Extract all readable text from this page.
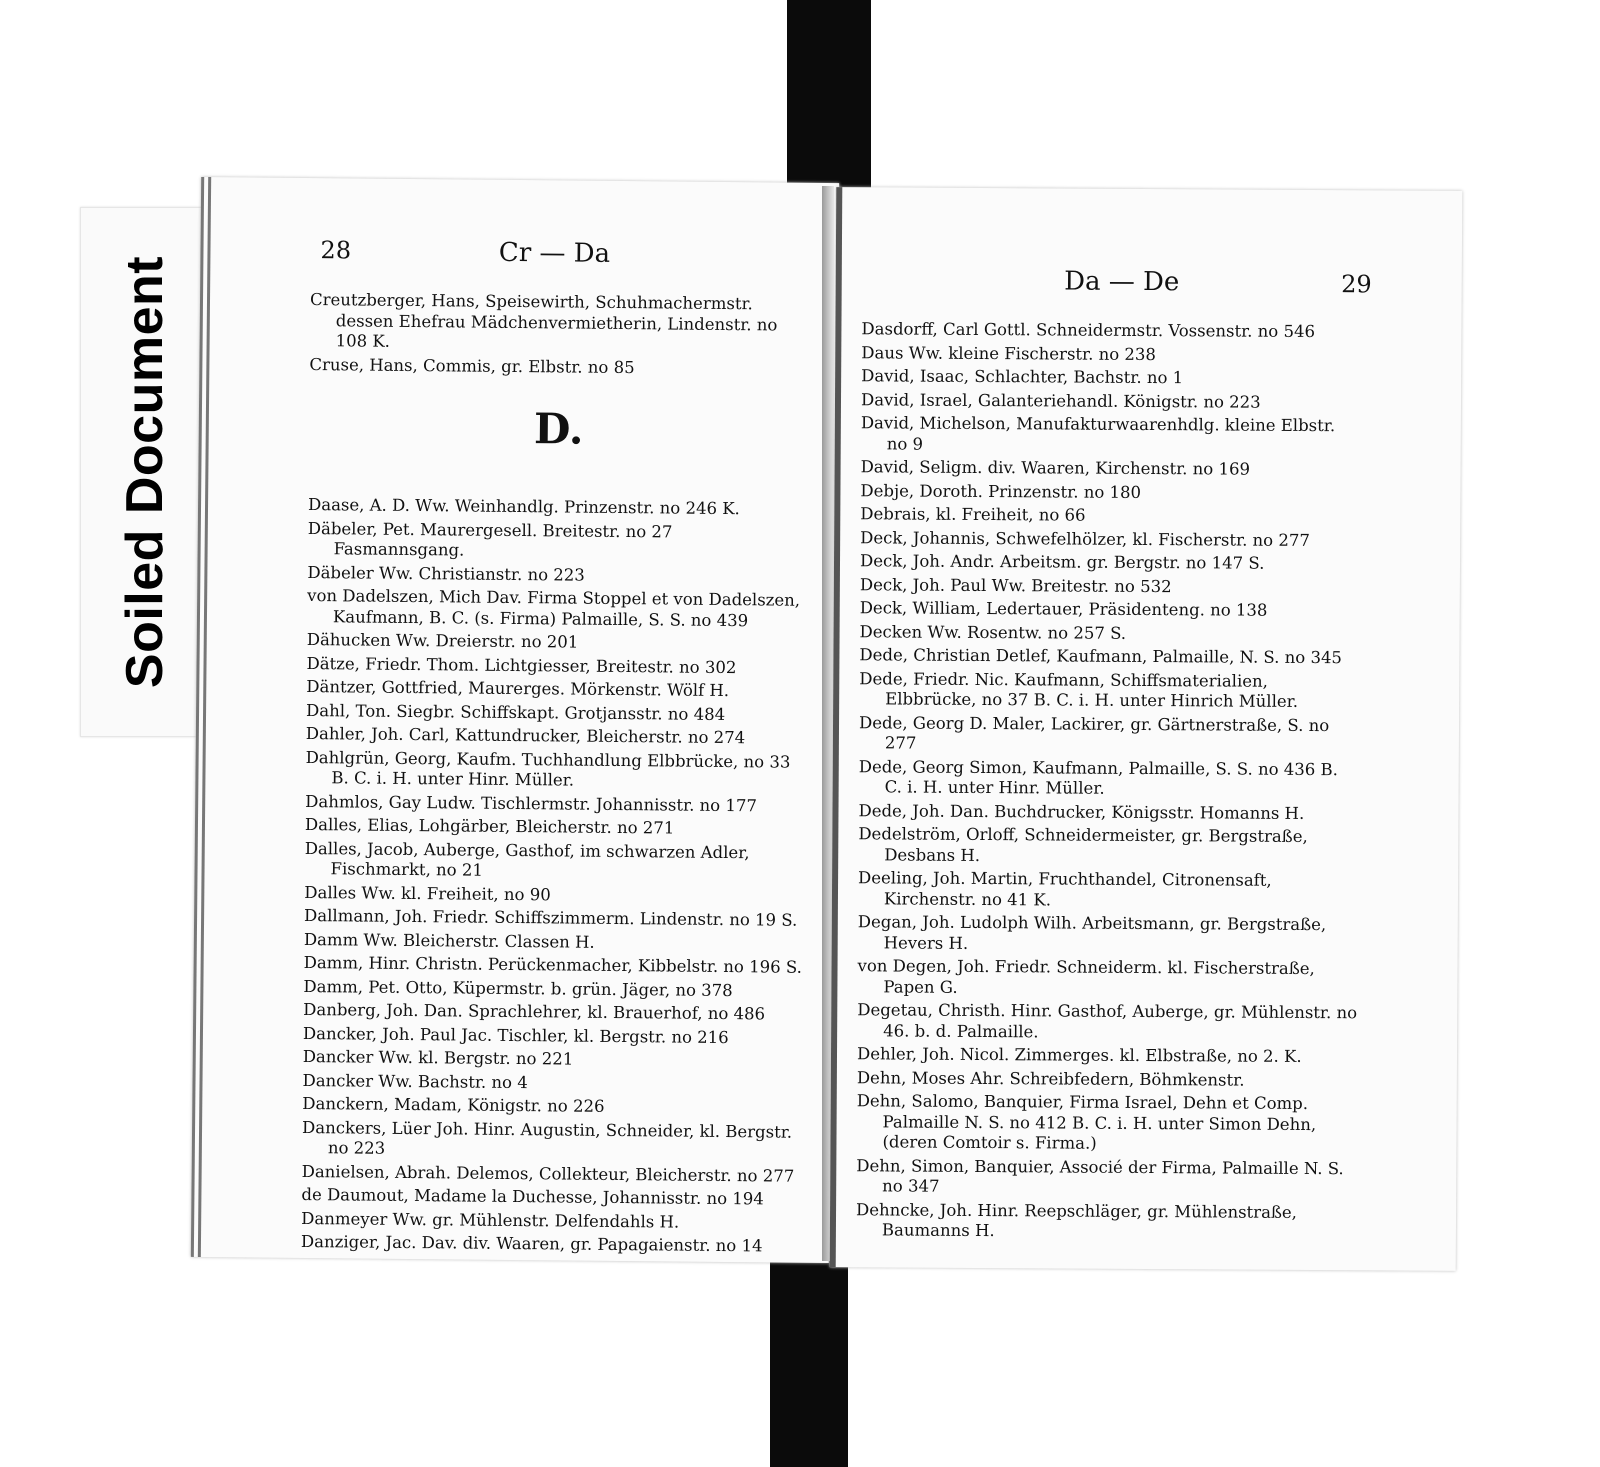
Soiled Document
28	Cr — Da
Creutzberger, Hans, Speisewirth, Schuhmachermstr. dessen Ehefrau Mädchenvermietherin, Lindenstr. no 108 K.
Cruse, Hans, Commis, gr. Elbstr. no 85
D.
Daase, A. D. Ww. Weinhandlg. Prinzenstr. no 246 K.
Däbeler, Pet. Maurergesell. Breitestr. no 27 Fasmannsgang.
Däbeler Ww. Christianstr. no 223
von Dadelszen, Mich Dav. Firma Stoppel et von Dadelszen, Kaufmann, B. C. (s. Firma) Palmaille, S. S. no 439
Dähucken Ww. Dreierstr. no 201
Dätze, Friedr. Thom. Lichtgiesser, Breitestr. no 302
Däntzer, Gottfried, Maurerges. Mörkenstr. Wölf H.
Dahl, Ton. Siegbr. Schiffskapt. Grotjansstr. no 484
Dahler, Joh. Carl, Kattundrucker, Bleicherstr. no 274
Dahlgrün, Georg, Kaufm. Tuchhandlung Elbbrücke, no 33 B. C. i. H. unter Hinr. Müller.
Dahmlos, Gay Ludw. Tischlermstr. Johannisstr. no 177
Dalles, Elias, Lohgärber, Bleicherstr. no 271
Dalles, Jacob, Auberge, Gasthof, im schwarzen Adler, Fischmarkt, no 21
Dalles Ww. kl. Freiheit, no 90
Dallmann, Joh. Friedr. Schiffszimmerm. Lindenstr. no 19 S.
Damm Ww. Bleicherstr. Classen H.
Damm, Hinr. Christn. Perückenmacher, Kibbelstr. no 196 S.
Damm, Pet. Otto, Küpermstr. b. grün. Jäger, no 378
Danberg, Joh. Dan. Sprachlehrer, kl. Brauerhof, no 486
Dancker, Joh. Paul Jac. Tischler, kl. Bergstr. no 216
Dancker Ww. kl. Bergstr. no 221
Dancker Ww. Bachstr. no 4
Danckern, Madam, Königstr. no 226
Danckers, Lüer Joh. Hinr. Augustin, Schneider, kl. Bergstr. no 223
Danielsen, Abrah. Delemos, Collekteur, Bleicherstr. no 277
de Daumout, Madame la Duchesse, Johannisstr. no 194
Danmeyer Ww. gr. Mühlenstr. Delfendahls H.
Danziger, Jac. Dav. div. Waaren, gr. Papagaienstr. no 14
Da — De	29
Dasdorff, Carl Gottl. Schneidermstr. Vossenstr. no 546
Daus Ww. kleine Fischerstr. no 238
David, Isaac, Schlachter, Bachstr. no 1
David, Israel, Galanteriehandl. Königstr. no 223
David, Michelson, Manufakturwaarenhdlg. kleine Elbstr. no 9
David, Seligm. div. Waaren, Kirchenstr. no 169
Debje, Doroth. Prinzenstr. no 180
Debrais, kl. Freiheit, no 66
Deck, Johannis, Schwefelhölzer, kl. Fischerstr. no 277
Deck, Joh. Andr. Arbeitsm. gr. Bergstr. no 147 S.
Deck, Joh. Paul Ww. Breitestr. no 532
Deck, William, Ledertauer, Präsidenteng. no 138
Decken Ww. Rosentw. no 257 S.
Dede, Christian Detlef, Kaufmann, Palmaille, N. S. no 345
Dede, Friedr. Nic. Kaufmann, Schiffsmaterialien, Elbbrücke, no 37 B. C. i. H. unter Hinrich Müller.
Dede, Georg D. Maler, Lackirer, gr. Gärtnerstraße, S. no 277
Dede, Georg Simon, Kaufmann, Palmaille, S. S. no 436 B. C. i. H. unter Hinr. Müller.
Dede, Joh. Dan. Buchdrucker, Königsstr. Homanns H.
Dedelström, Orloff, Schneidermeister, gr. Bergstraße, Desbans H.
Deeling, Joh. Martin, Fruchthandel, Citronensaft, Kirchenstr. no 41 K.
Degan, Joh. Ludolph Wilh. Arbeitsmann, gr. Bergstraße, Hevers H.
von Degen, Joh. Friedr. Schneiderm. kl. Fischerstraße, Papen G.
Degetau, Christh. Hinr. Gasthof, Auberge, gr. Mühlenstr. no 46. b. d. Palmaille.
Dehler, Joh. Nicol. Zimmerges. kl. Elbstraße, no 2. K.
Dehn, Moses Ahr. Schreibfedern, Böhmkenstr.
Dehn, Salomo, Banquier, Firma Israel, Dehn et Comp. Palmaille N. S. no 412 B. C. i. H. unter Simon Dehn, (deren Comtoir s. Firma.)
Dehn, Simon, Banquier, Associé der Firma, Palmaille N. S. no 347
Dehncke, Joh. Hinr. Reepschläger, gr. Mühlenstraße, Baumanns H.
